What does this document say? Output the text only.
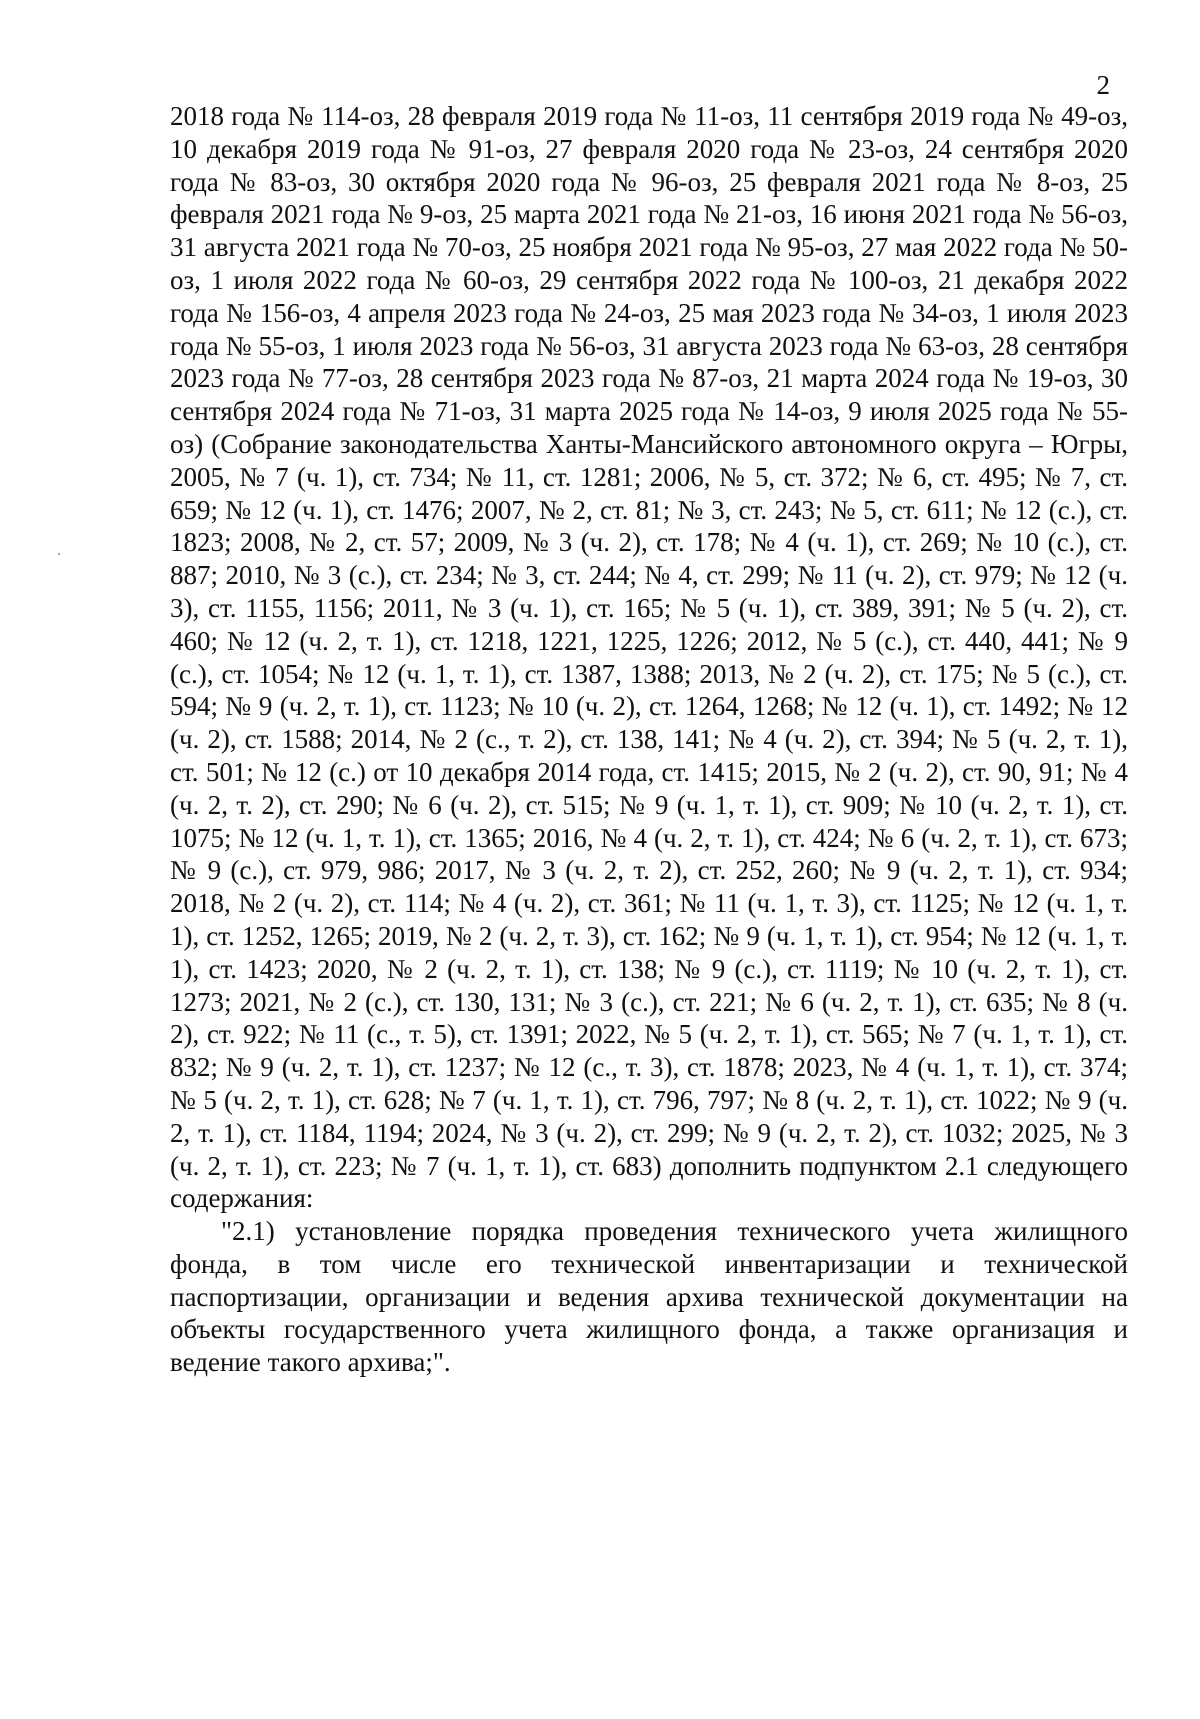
2

2018 года № 114-оз, 28 февраля 2019 года № 11-оз, 11 сентября 2019 года № 49-оз, 10 декабря 2019 года № 91-оз, 27 февраля 2020 года № 23-оз, 24 сентября 2020 года № 83-оз, 30 октября 2020 года № 96-оз, 25 февраля 2021 года № 8-оз, 25 февраля 2021 года № 9-оз, 25 марта 2021 года № 21-оз, 16 июня 2021 года № 56-оз, 31 августа 2021 года № 70-оз, 25 ноября 2021 года № 95-оз, 27 мая 2022 года № 50-оз, 1 июля 2022 года № 60-оз, 29 сентября 2022 года № 100-оз, 21 декабря 2022 года № 156-оз, 4 апреля 2023 года № 24-оз, 25 мая 2023 года № 34-оз, 1 июля 2023 года № 55-оз, 1 июля 2023 года № 56-оз, 31 августа 2023 года № 63-оз, 28 сентября 2023 года № 77-оз, 28 сентября 2023 года № 87-оз, 21 марта 2024 года № 19-оз, 30 сентября 2024 года № 71-оз, 31 марта 2025 года № 14-оз, 9 июля 2025 года № 55-оз) (Собрание законодательства Ханты-Мансийского автономного округа – Югры, 2005, № 7 (ч. 1), ст. 734; № 11, ст. 1281; 2006, № 5, ст. 372; № 6, ст. 495; № 7, ст. 659; № 12 (ч. 1), ст. 1476; 2007, № 2, ст. 81; № 3, ст. 243; № 5, ст. 611; № 12 (с.), ст. 1823; 2008, № 2, ст. 57; 2009, № 3 (ч. 2), ст. 178; № 4 (ч. 1), ст. 269; № 10 (с.), ст. 887; 2010, № 3 (с.), ст. 234; № 3, ст. 244; № 4, ст. 299; № 11 (ч. 2), ст. 979; № 12 (ч. 3), ст. 1155, 1156; 2011, № 3 (ч. 1), ст. 165; № 5 (ч. 1), ст. 389, 391; № 5 (ч. 2), ст. 460; № 12 (ч. 2, т. 1), ст. 1218, 1221, 1225, 1226; 2012, № 5 (с.), ст. 440, 441; № 9 (с.), ст. 1054; № 12 (ч. 1, т. 1), ст. 1387, 1388; 2013, № 2 (ч. 2), ст. 175; № 5 (с.), ст. 594; № 9 (ч. 2, т. 1), ст. 1123; № 10 (ч. 2), ст. 1264, 1268; № 12 (ч. 1), ст. 1492; № 12 (ч. 2), ст. 1588; 2014, № 2 (с., т. 2), ст. 138, 141; № 4 (ч. 2), ст. 394; № 5 (ч. 2, т. 1), ст. 501; № 12 (с.) от 10 декабря 2014 года, ст. 1415; 2015, № 2 (ч. 2), ст. 90, 91; № 4 (ч. 2, т. 2), ст. 290; № 6 (ч. 2), ст. 515; № 9 (ч. 1, т. 1), ст. 909; № 10 (ч. 2, т. 1), ст. 1075; № 12 (ч. 1, т. 1), ст. 1365; 2016, № 4 (ч. 2, т. 1), ст. 424; № 6 (ч. 2, т. 1), ст. 673; № 9 (с.), ст. 979, 986; 2017, № 3 (ч. 2, т. 2), ст. 252, 260; № 9 (ч. 2, т. 1), ст. 934; 2018, № 2 (ч. 2), ст. 114; № 4 (ч. 2), ст. 361; № 11 (ч. 1, т. 3), ст. 1125; № 12 (ч. 1, т. 1), ст. 1252, 1265; 2019, № 2 (ч. 2, т. 3), ст. 162; № 9 (ч. 1, т. 1), ст. 954; № 12 (ч. 1, т. 1), ст. 1423; 2020, № 2 (ч. 2, т. 1), ст. 138; № 9 (с.), ст. 1119; № 10 (ч. 2, т. 1), ст. 1273; 2021, № 2 (с.), ст. 130, 131; № 3 (с.), ст. 221; № 6 (ч. 2, т. 1), ст. 635; № 8 (ч. 2), ст. 922; № 11 (с., т. 5), ст. 1391; 2022, № 5 (ч. 2, т. 1), ст. 565; № 7 (ч. 1, т. 1), ст. 832; № 9 (ч. 2, т. 1), ст. 1237; № 12 (с., т. 3), ст. 1878; 2023, № 4 (ч. 1, т. 1), ст. 374; № 5 (ч. 2, т. 1), ст. 628; № 7 (ч. 1, т. 1), ст. 796, 797; № 8 (ч. 2, т. 1), ст. 1022; № 9 (ч. 2, т. 1), ст. 1184, 1194; 2024, № 3 (ч. 2), ст. 299; № 9 (ч. 2, т. 2), ст. 1032; 2025, № 3 (ч. 2, т. 1), ст. 223; № 7 (ч. 1, т. 1), ст. 683) дополнить подпунктом 2.1 следующего содержания:

"2.1) установление порядка проведения технического учета жилищного фонда, в том числе его технической инвентаризации и технической паспортизации, организации и ведения архива технической документации на объекты государственного учета жилищного фонда, а также организация и ведение такого архива;".
